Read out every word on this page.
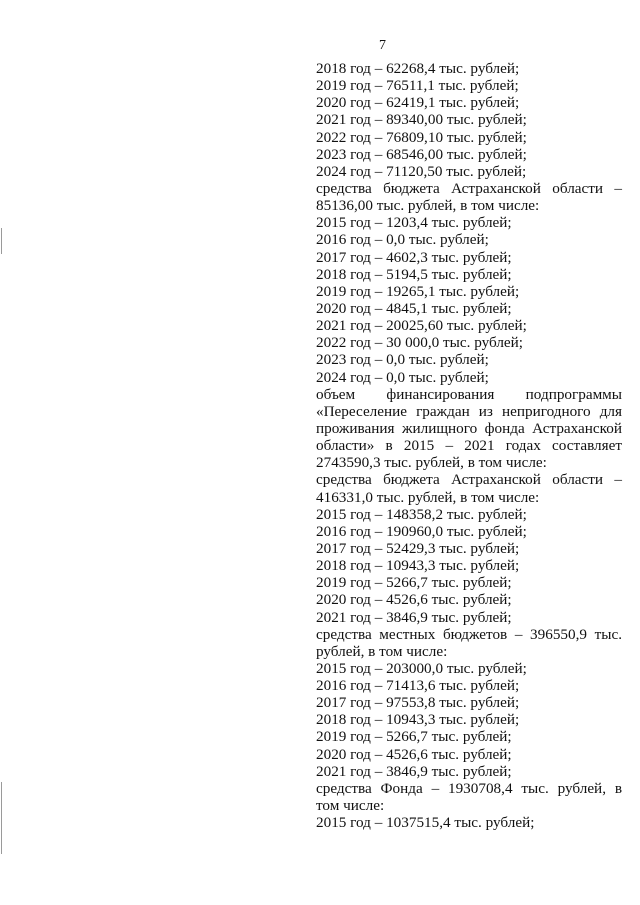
7
2018 год – 62268,4 тыс. рублей;
2019 год – 76511,1 тыс. рублей;
2020 год – 62419,1 тыс. рублей;
2021 год – 89340,00 тыс. рублей;
2022 год – 76809,10 тыс. рублей;
2023 год – 68546,00 тыс. рублей;
2024 год – 71120,50 тыс. рублей;
средства бюджета Астраханской области –
85136,00 тыс. рублей, в том числе:
2015 год – 1203,4 тыс. рублей;
2016 год – 0,0 тыс. рублей;
2017 год – 4602,3 тыс. рублей;
2018 год – 5194,5 тыс. рублей;
2019 год – 19265,1 тыс. рублей;
2020 год – 4845,1 тыс. рублей;
2021 год – 20025,60 тыс. рублей;
2022 год – 30 000,0 тыс. рублей;
2023 год – 0,0 тыс. рублей;
2024 год – 0,0 тыс. рублей;
объем финансирования подпрограммы
«Переселение граждан из непригодного для
проживания жилищного фонда Астраханской
области» в 2015 – 2021 годах составляет
2743590,3 тыс. рублей, в том числе:
средства бюджета Астраханской области –
416331,0 тыс. рублей, в том числе:
2015 год – 148358,2 тыс. рублей;
2016 год – 190960,0 тыс. рублей;
2017 год – 52429,3 тыс. рублей;
2018 год – 10943,3 тыс. рублей;
2019 год – 5266,7 тыс. рублей;
2020 год – 4526,6 тыс. рублей;
2021 год – 3846,9 тыс. рублей;
средства местных бюджетов – 396550,9 тыс.
рублей, в том числе:
2015 год – 203000,0 тыс. рублей;
2016 год – 71413,6 тыс. рублей;
2017 год – 97553,8 тыс. рублей;
2018 год – 10943,3 тыс. рублей;
2019 год – 5266,7 тыс. рублей;
2020 год – 4526,6 тыс. рублей;
2021 год – 3846,9 тыс. рублей;
средства Фонда – 1930708,4 тыс. рублей, в
том числе:
2015 год – 1037515,4 тыс. рублей;
